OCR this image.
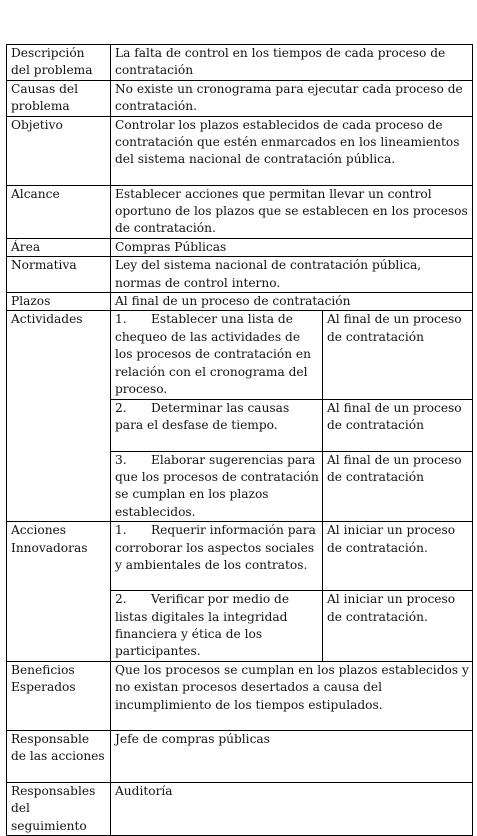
Descripción del problema	La falta de control en los tiempos de cada proceso de contratación	
Causas del problema	No existe un cronograma para ejecutar cada proceso de contratación.	
Objetivo	Controlar los plazos establecidos de cada proceso de contratación que estén enmarcados en los lineamientos del sistema nacional de contratación pública.	
Alcance	Establecer acciones que permitan llevar un control oportuno de los plazos que se establecen en los procesos de contratación.	
Área	Compras Públicas	
Normativa	Ley del sistema nacional de contratación pública, normas de control interno.	
Plazos	Al final de un proceso de contratación	
Actividades	1. Establecer una lista de chequeo de las actividades de los procesos de contratación en relación con el cronograma del proceso.	Al final de un proceso de contratación
	2. Determinar las causas para el desfase de tiempo.	Al final de un proceso de contratación
	3. Elaborar sugerencias para que los procesos de contratación se cumplan en los plazos establecidos.	Al final de un proceso de contratación
Acciones Innovadoras	1. Requerir información para corroborar los aspectos sociales y ambientales de los contratos.	Al iniciar un proceso de contratación.
	2. Verificar por medio de listas digitales la integridad financiera y ética de los participantes.	Al iniciar un proceso de contratación.
Beneficios Esperados	Que los procesos se cumplan en los plazos establecidos y no existan procesos desertados a causa del incumplimiento de los tiempos estipulados.	
Responsable de las acciones	Jefe de compras públicas	
Responsables del seguimiento	Auditoría	
